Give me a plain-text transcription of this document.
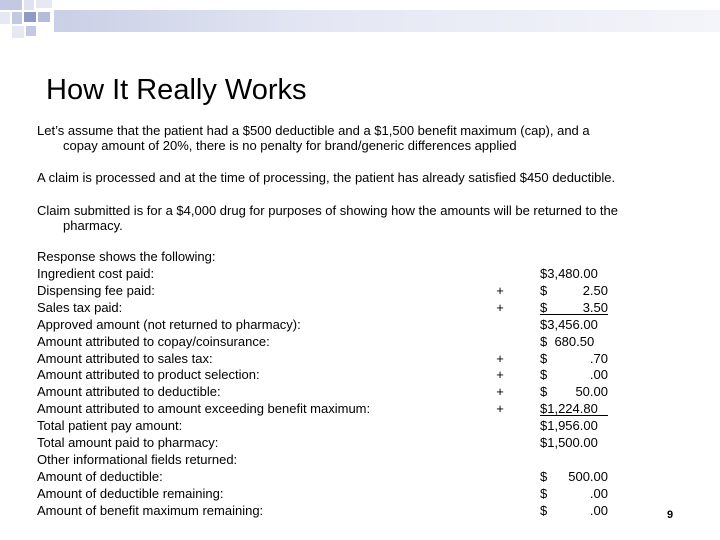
How It Really Works
Let’s assume that the patient had a $500 deductible and a $1,500 benefit maximum (cap), and a
copay amount of 20%, there is no penalty for brand/generic differences applied
A claim is processed and at the time of processing, the patient has already satisfied $450 deductible.
Claim submitted is for a $4,000 drug for purposes of showing how the amounts will be returned to the
pharmacy.
Response shows the following:
Ingredient cost paid:	$3,480.00
Dispensing fee paid:	+	$	2.50
Sales tax paid:	+	$	3.50
Approved amount (not returned to pharmacy):	$3,456.00
Amount attributed to copay/coinsurance:	$  680.50
Amount attributed to sales tax:	+	$	.70
Amount attributed to product selection:	+	$	.00
Amount attributed to deductible:	+	$ 50.00
Amount attributed to amount exceeding benefit maximum:	+	$1,224.80
Total patient pay amount:	$1,956.00
Total amount paid to pharmacy:	$1,500.00
Other informational fields returned:
Amount of deductible:	$ 500.00
Amount of deductible remaining:	$	.00
Amount of benefit maximum remaining:	$	.00	9
